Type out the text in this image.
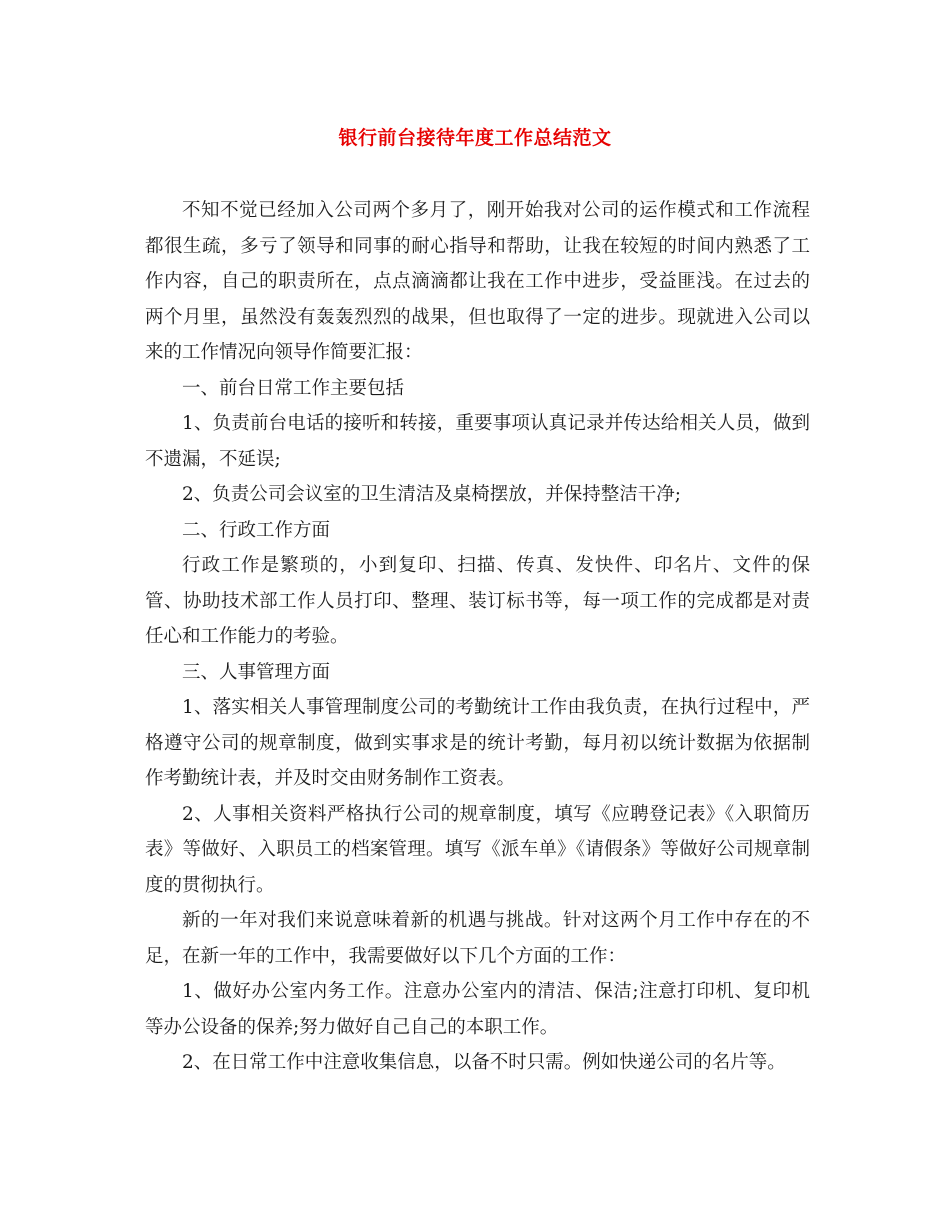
银行前台接待年度工作总结范文

不知不觉已经加入公司两个多月了，刚开始我对公司的运作模式和工作流程都很生疏，多亏了领导和同事的耐心指导和帮助，让我在较短的时间内熟悉了工作内容，自己的职责所在，点点滴滴都让我在工作中进步，受益匪浅。在过去的两个月里，虽然没有轰轰烈烈的战果，但也取得了一定的进步。现就进入公司以来的工作情况向领导作简要汇报：

一、前台日常工作主要包括

1、负责前台电话的接听和转接，重要事项认真记录并传达给相关人员，做到不遗漏，不延误;

2、负责公司会议室的卫生清洁及桌椅摆放，并保持整洁干净;

二、行政工作方面

行政工作是繁琐的，小到复印、扫描、传真、发快件、印名片、文件的保管、协助技术部工作人员打印、整理、装订标书等，每一项工作的完成都是对责任心和工作能力的考验。

三、人事管理方面

1、落实相关人事管理制度公司的考勤统计工作由我负责，在执行过程中，严格遵守公司的规章制度，做到实事求是的统计考勤，每月初以统计数据为依据制作考勤统计表，并及时交由财务制作工资表。

2、人事相关资料严格执行公司的规章制度，填写《应聘登记表》《入职简历表》等做好、入职员工的档案管理。填写《派车单》《请假条》等做好公司规章制度的贯彻执行。

新的一年对我们来说意味着新的机遇与挑战。针对这两个月工作中存在的不足，在新一年的工作中，我需要做好以下几个方面的工作：

1、做好办公室内务工作。注意办公室内的清洁、保洁;注意打印机、复印机等办公设备的保养;努力做好自己自己的本职工作。

2、在日常工作中注意收集信息，以备不时只需。例如快递公司的名片等。
